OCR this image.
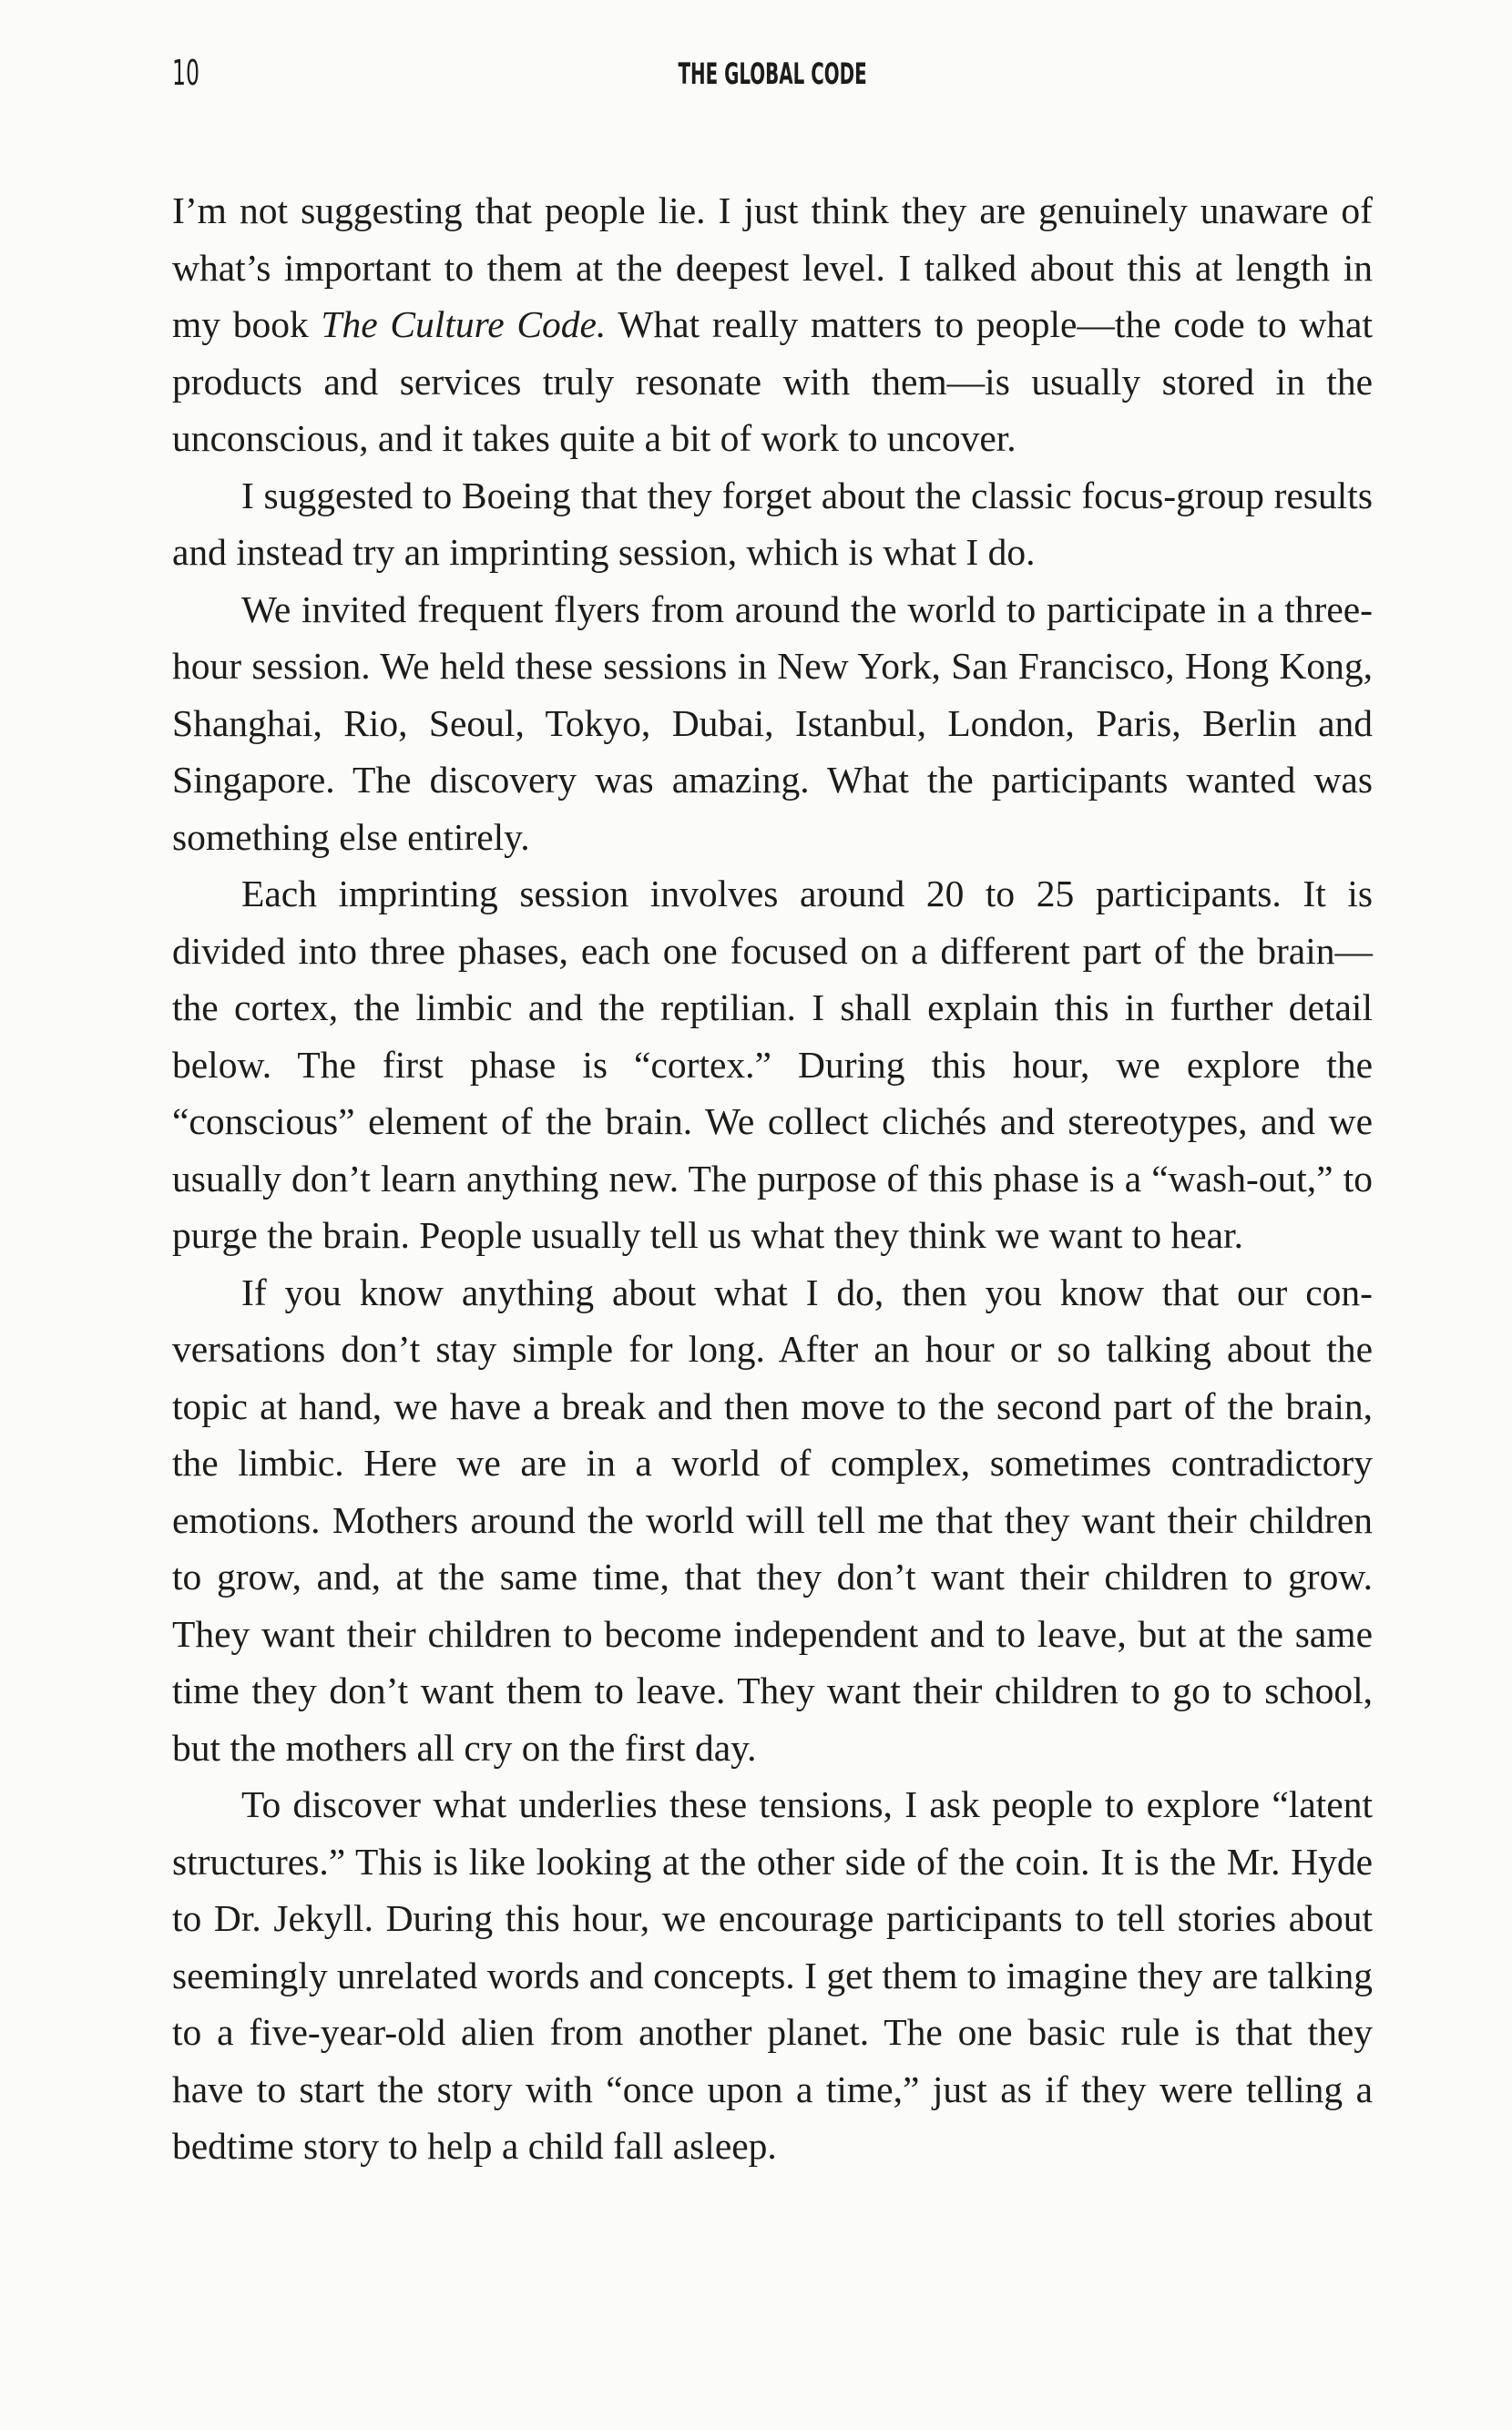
10	THE GLOBAL CODE

I’m not suggesting that people lie. I just think they are genuinely unaware of what’s important to them at the deepest level. I talked about this at length in my book The Culture Code. What really matters to people—the code to what products and services truly resonate with them—is usually stored in the unconscious, and it takes quite a bit of work to uncover.

I suggested to Boeing that they forget about the classic focus-group results and instead try an imprinting session, which is what I do.

We invited frequent flyers from around the world to participate in a three-hour session. We held these sessions in New York, San Francisco, Hong Kong, Shanghai, Rio, Seoul, Tokyo, Dubai, Istanbul, London, Paris, Berlin and Singapore. The discovery was amazing. What the participants wanted was something else entirely.

Each imprinting session involves around 20 to 25 participants. It is divided into three phases, each one focused on a different part of the brain—the cortex, the limbic and the reptilian. I shall explain this in further detail below. The first phase is “cortex.” During this hour, we explore the “conscious” element of the brain. We collect clichés and stereotypes, and we usually don’t learn anything new. The purpose of this phase is a “wash-out,” to purge the brain. People usually tell us what they think we want to hear.

If you know anything about what I do, then you know that our conversations don’t stay simple for long. After an hour or so talking about the topic at hand, we have a break and then move to the second part of the brain, the limbic. Here we are in a world of complex, sometimes contradictory emotions. Mothers around the world will tell me that they want their children to grow, and, at the same time, that they don’t want their children to grow. They want their children to become independent and to leave, but at the same time they don’t want them to leave. They want their children to go to school, but the mothers all cry on the first day.

To discover what underlies these tensions, I ask people to explore “latent structures.” This is like looking at the other side of the coin. It is the Mr. Hyde to Dr. Jekyll. During this hour, we encourage participants to tell stories about seemingly unrelated words and concepts. I get them to imagine they are talking to a five-year-old alien from another planet. The one basic rule is that they have to start the story with “once upon a time,” just as if they were telling a bedtime story to help a child fall asleep.
